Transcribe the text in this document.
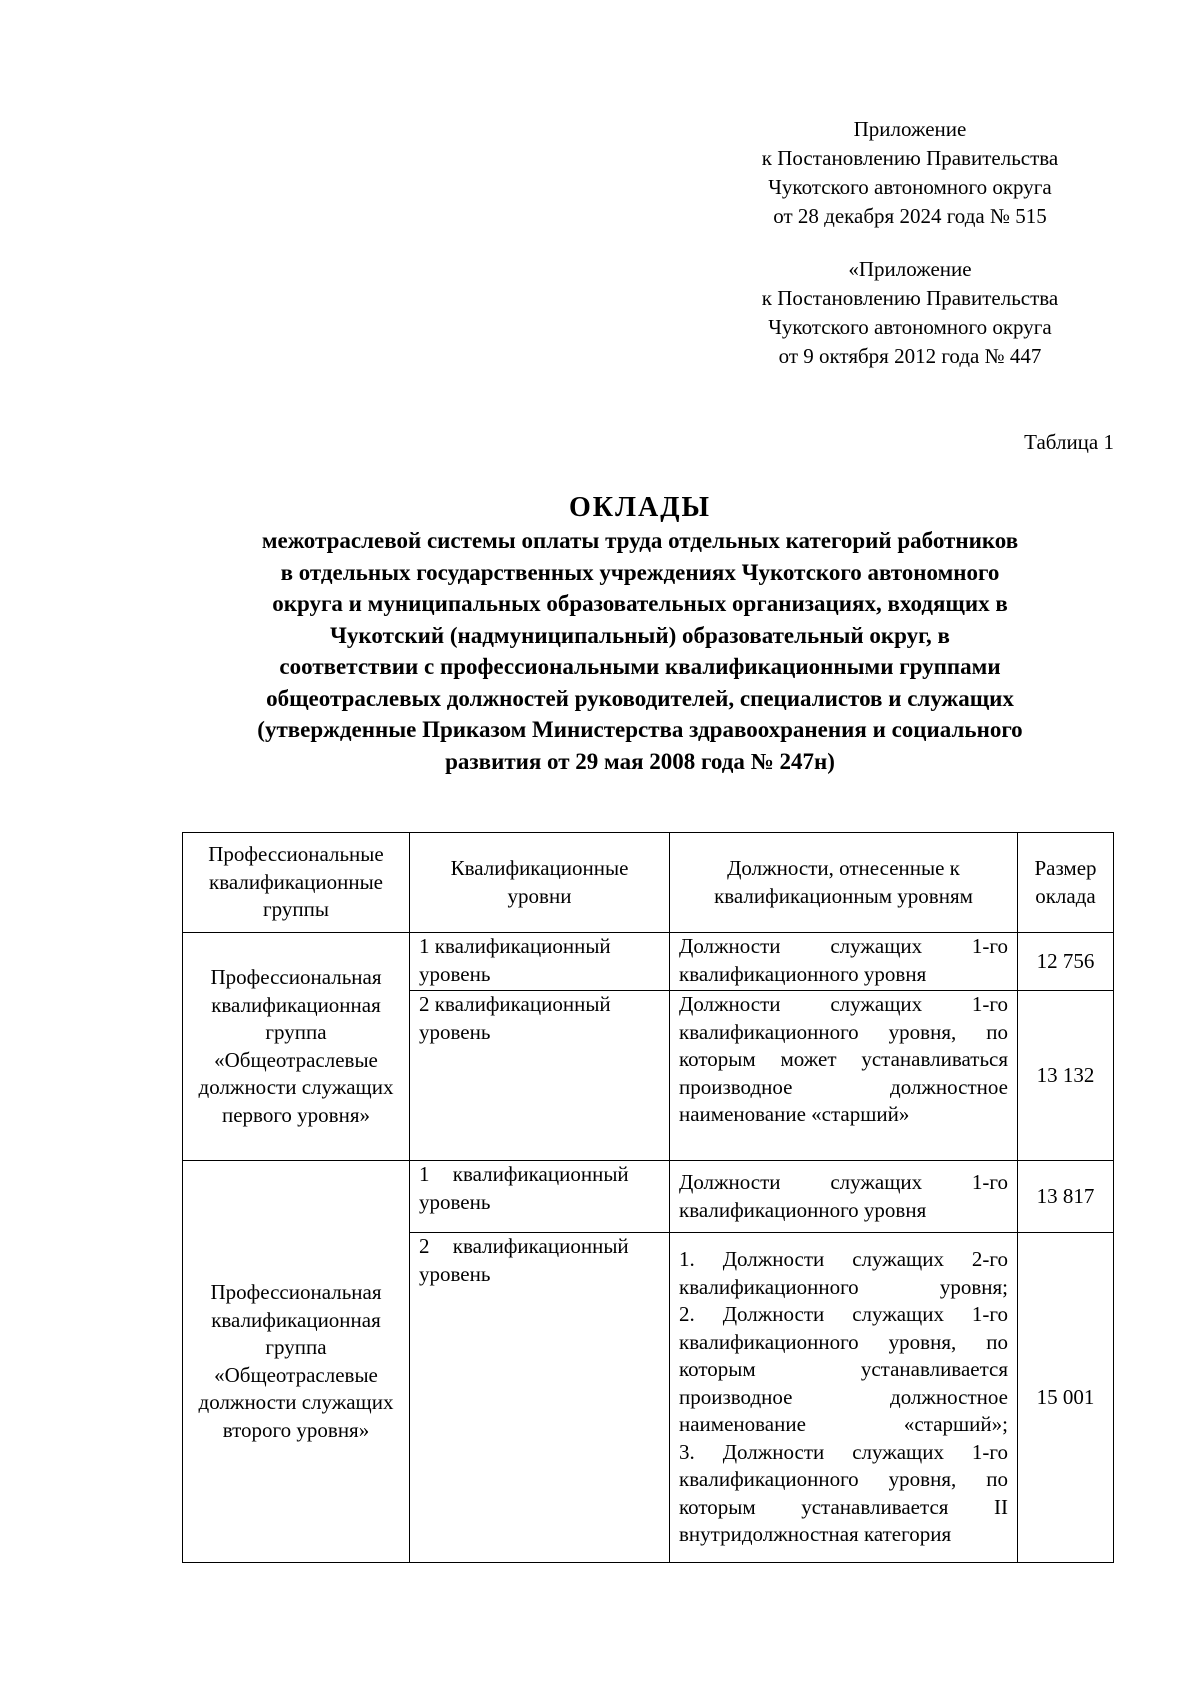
Приложение
к Постановлению Правительства
Чукотского автономного округа
от 28 декабря 2024 года № 515
«Приложение
к Постановлению Правительства
Чукотского автономного округа
от 9 октября 2012 года № 447
Таблица 1
ОКЛАДЫ
межотраслевой системы оплаты труда отдельных категорий работников
в отдельных государственных учреждениях Чукотского автономного
округа и муниципальных образовательных организациях, входящих в
Чукотский (надмуниципальный) образовательный округ, в
соответствии с профессиональными квалификационными группами
общеотраслевых должностей руководителей, специалистов и служащих
(утвержденные Приказом Министерства здравоохранения и социального
развития от 29 мая 2008 года № 247н)
Профессиональные квалификационные группы	Квалификационные уровни	Должности, отнесенные к квалификационным уровням	Размер оклада
Профессиональная квалификационная группа «Общеотраслевые должности служащих первого уровня»	1 квалификационный уровень	Должности служащих 1-го квалификационного уровня	12 756
	2 квалификационный уровень	Должности служащих 1-го квалификационного уровня, по которым может устанавливаться производное должностное наименование «старший»	13 132
Профессиональная квалификационная группа «Общеотраслевые должности служащих второго уровня»	1 квалификационный уровень	Должности служащих 1-го квалификационного уровня	13 817
	2 квалификационный уровень	1. Должности служащих 2-го квалификационного уровня;
2. Должности служащих 1-го квалификационного уровня, по которым устанавливается производное должностное наименование «старший»;
3. Должности служащих 1-го квалификационного уровня, по которым устанавливается II внутридолжностная категория	15 001
